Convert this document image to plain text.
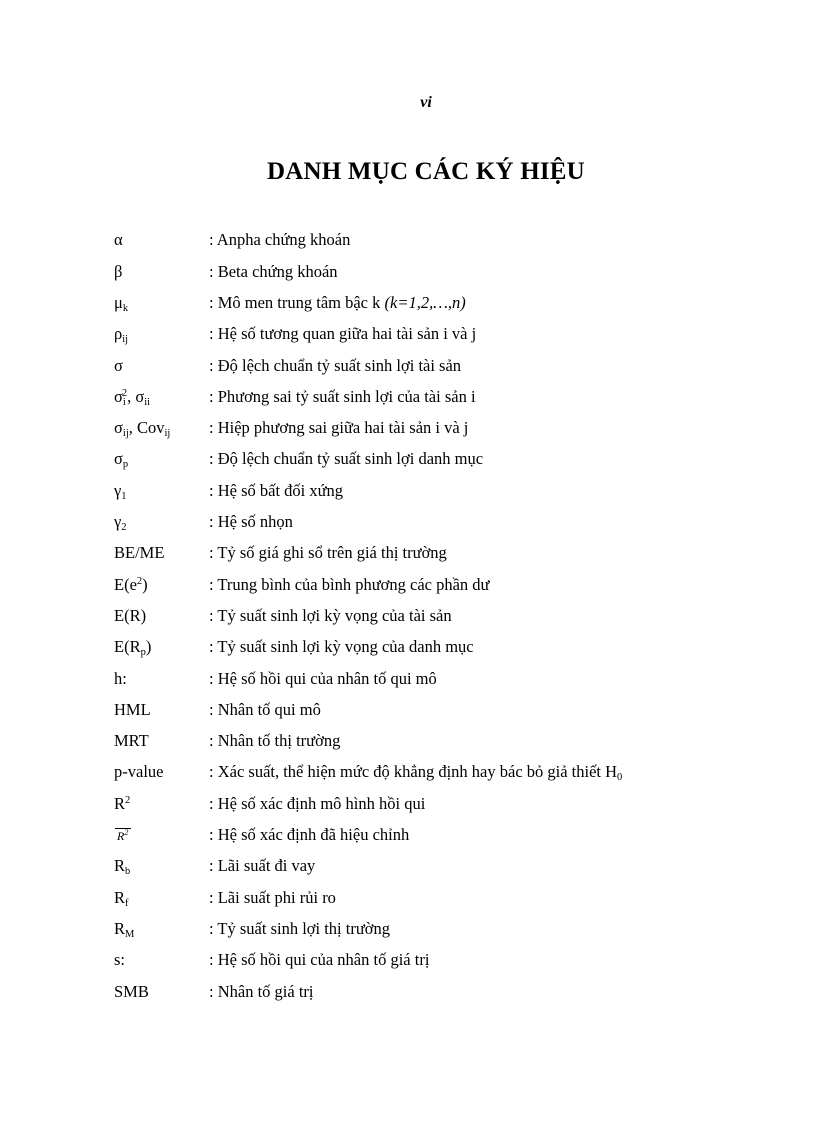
vi
DANH MỤC CÁC KÝ HIỆU
α	: Anpha chứng khoán
β	: Beta chứng khoán
$\mu_k$	: Mô men trung tâm bậc k (k=1,2,…,n)
$\rho_{ij}$	: Hệ số tương quan giữa hai tài sản i và j
σ	: Độ lệch chuẩn tỷ suất sinh lợi tài sản
$\sigma_i^2$, $\sigma_{ii}$	: Phương sai tỷ suất sinh lợi của tài sản i
$\sigma_{ij}$, Cov$_{ij}$	: Hiệp phương sai giữa hai tài sản i và j
$\sigma_p$	: Độ lệch chuẩn tỷ suất sinh lợi danh mục
$\gamma_1$	: Hệ số bất đối xứng
$\gamma_2$	: Hệ số nhọn
BE/ME	: Tỷ số giá ghi sổ trên giá thị trường
$E(e^2)$	: Trung bình của bình phương các phần dư
E(R)	: Tỷ suất sinh lợi kỳ vọng của tài sản
$E(R_p)$	: Tỷ suất sinh lợi kỳ vọng của danh mục
h:	: Hệ số hồi qui của nhân tố qui mô
HML	: Nhân tố qui mô
MRT	: Nhân tố thị trường
p-value	: Xác suất, thể hiện mức độ khẳng định hay bác bỏ giả thiết $H_0$
$R^2$	: Hệ số xác định mô hình hồi qui
$R^2$	: Hệ số xác định đã hiệu chỉnh
$R_b$	: Lãi suất đi vay
$R_f$	: Lãi suất phi rủi ro
$R_M$	: Tỷ suất sinh lợi thị trường
s:	: Hệ số hồi qui của nhân tố giá trị
SMB	: Nhân tố giá trị
